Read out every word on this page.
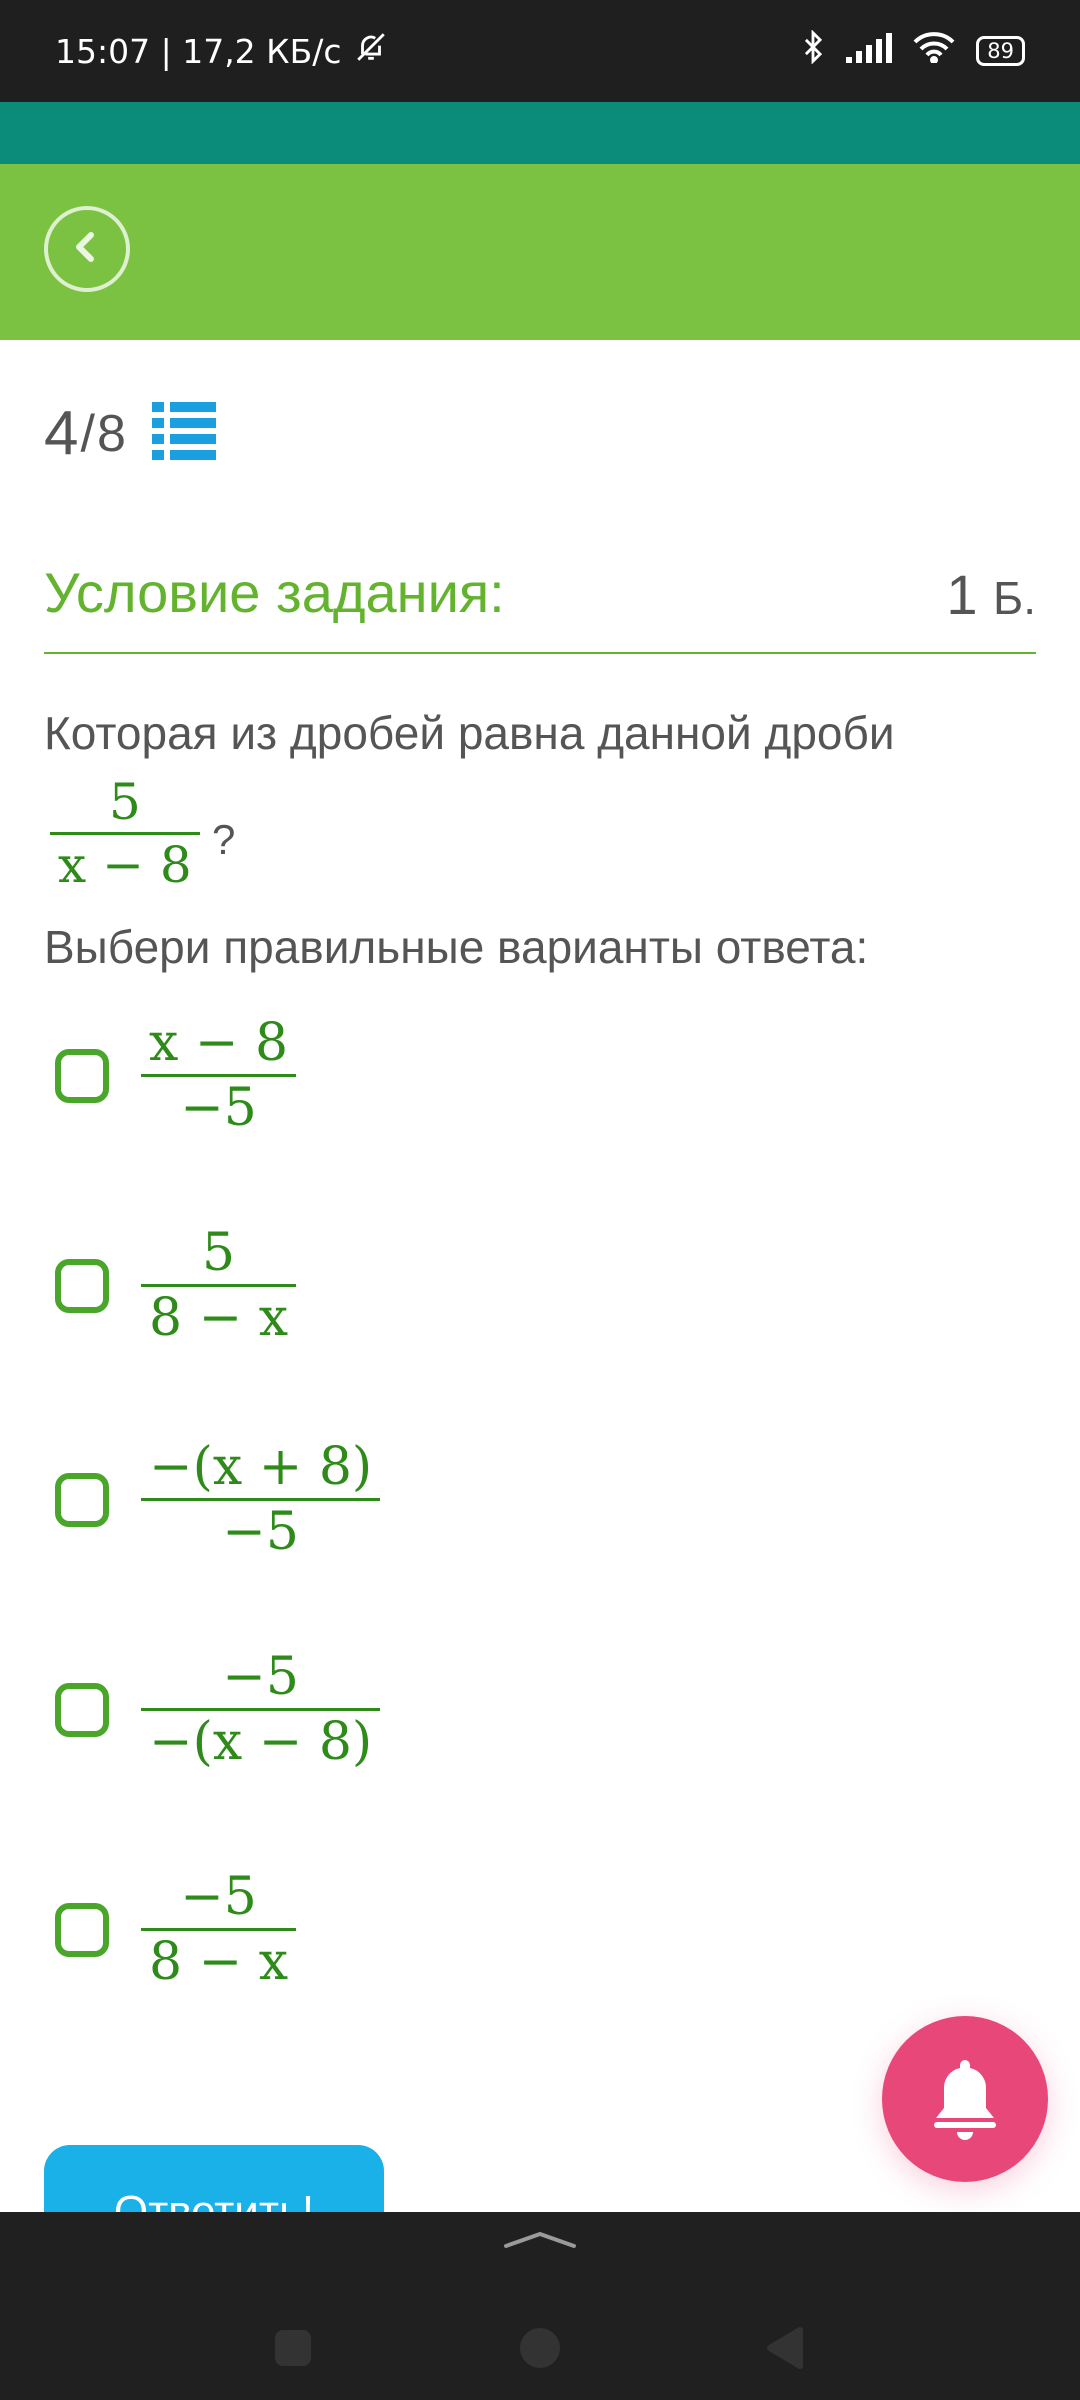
15:07 | 17,2 КБ/с	89
4 / 8
Условие задания:	1 Б.
Которая из дробей равна данной дроби
5
x − 8 ?
Выбери правильные варианты ответа:
$\frac{x - 8}{-5}$
$\frac{5}{8 - x}$
$\frac{-(x + 8)}{-5}$
$\frac{-5}{-(x - 8)}$
$\frac{-5}{8 - x}$
